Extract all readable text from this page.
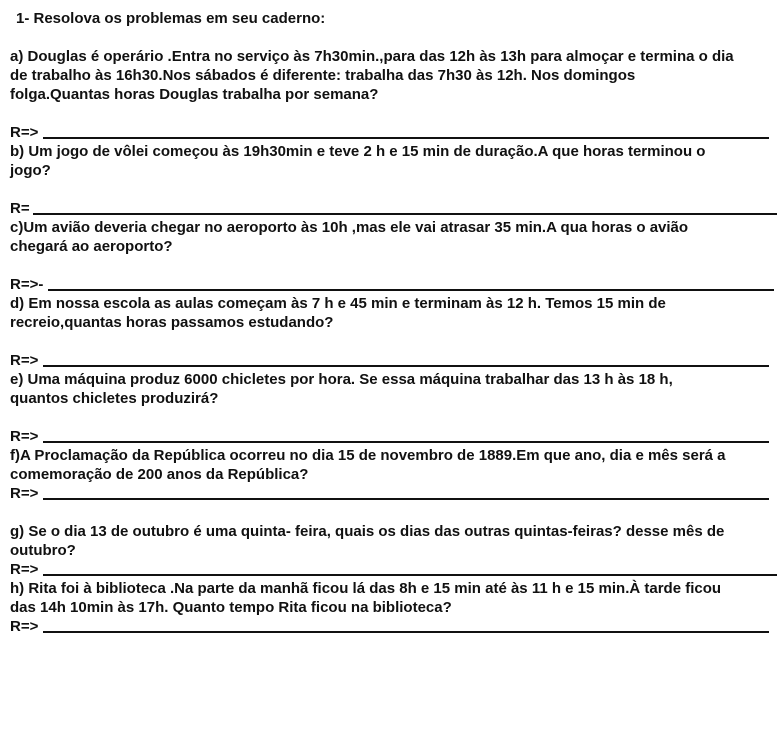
1- Resolova os problemas em seu caderno:
a) Douglas é operário .Entra no serviço às 7h30min.,para das 12h às 13h para almoçar e termina o dia
de trabalho às 16h30.Nos sábados é diferente: trabalha das 7h30 às 12h. Nos domingos
folga.Quantas horas Douglas trabalha por semana?
R=>
b) Um jogo de vôlei começou às 19h30min e teve 2 h e 15 min de duração.A que horas terminou o
jogo?
R=
c)Um avião deveria chegar no aeroporto às 10h ,mas ele vai atrasar 35 min.A qua horas o avião
chegará ao aeroporto?
R=>-
d) Em nossa escola as aulas começam às 7 h e 45 min e terminam às 12 h. Temos 15 min de
recreio,quantas horas passamos estudando?
R=>
e) Uma máquina produz 6000 chicletes por hora. Se essa máquina trabalhar das 13 h às 18 h,
quantos chicletes produzirá?
R=>
f)A Proclamação da República ocorreu no dia 15 de novembro de 1889.Em que ano, dia e mês será a
comemoração de 200 anos da República?
R=>
g) Se o dia 13 de outubro é uma quinta- feira, quais os dias das outras quintas-feiras? desse mês de
outubro?
R=>
h) Rita foi à biblioteca .Na parte da manhã ficou lá das 8h e 15 min até às 11 h e 15 min.À tarde ficou
das 14h 10min às 17h. Quanto tempo Rita ficou na biblioteca?
R=>
